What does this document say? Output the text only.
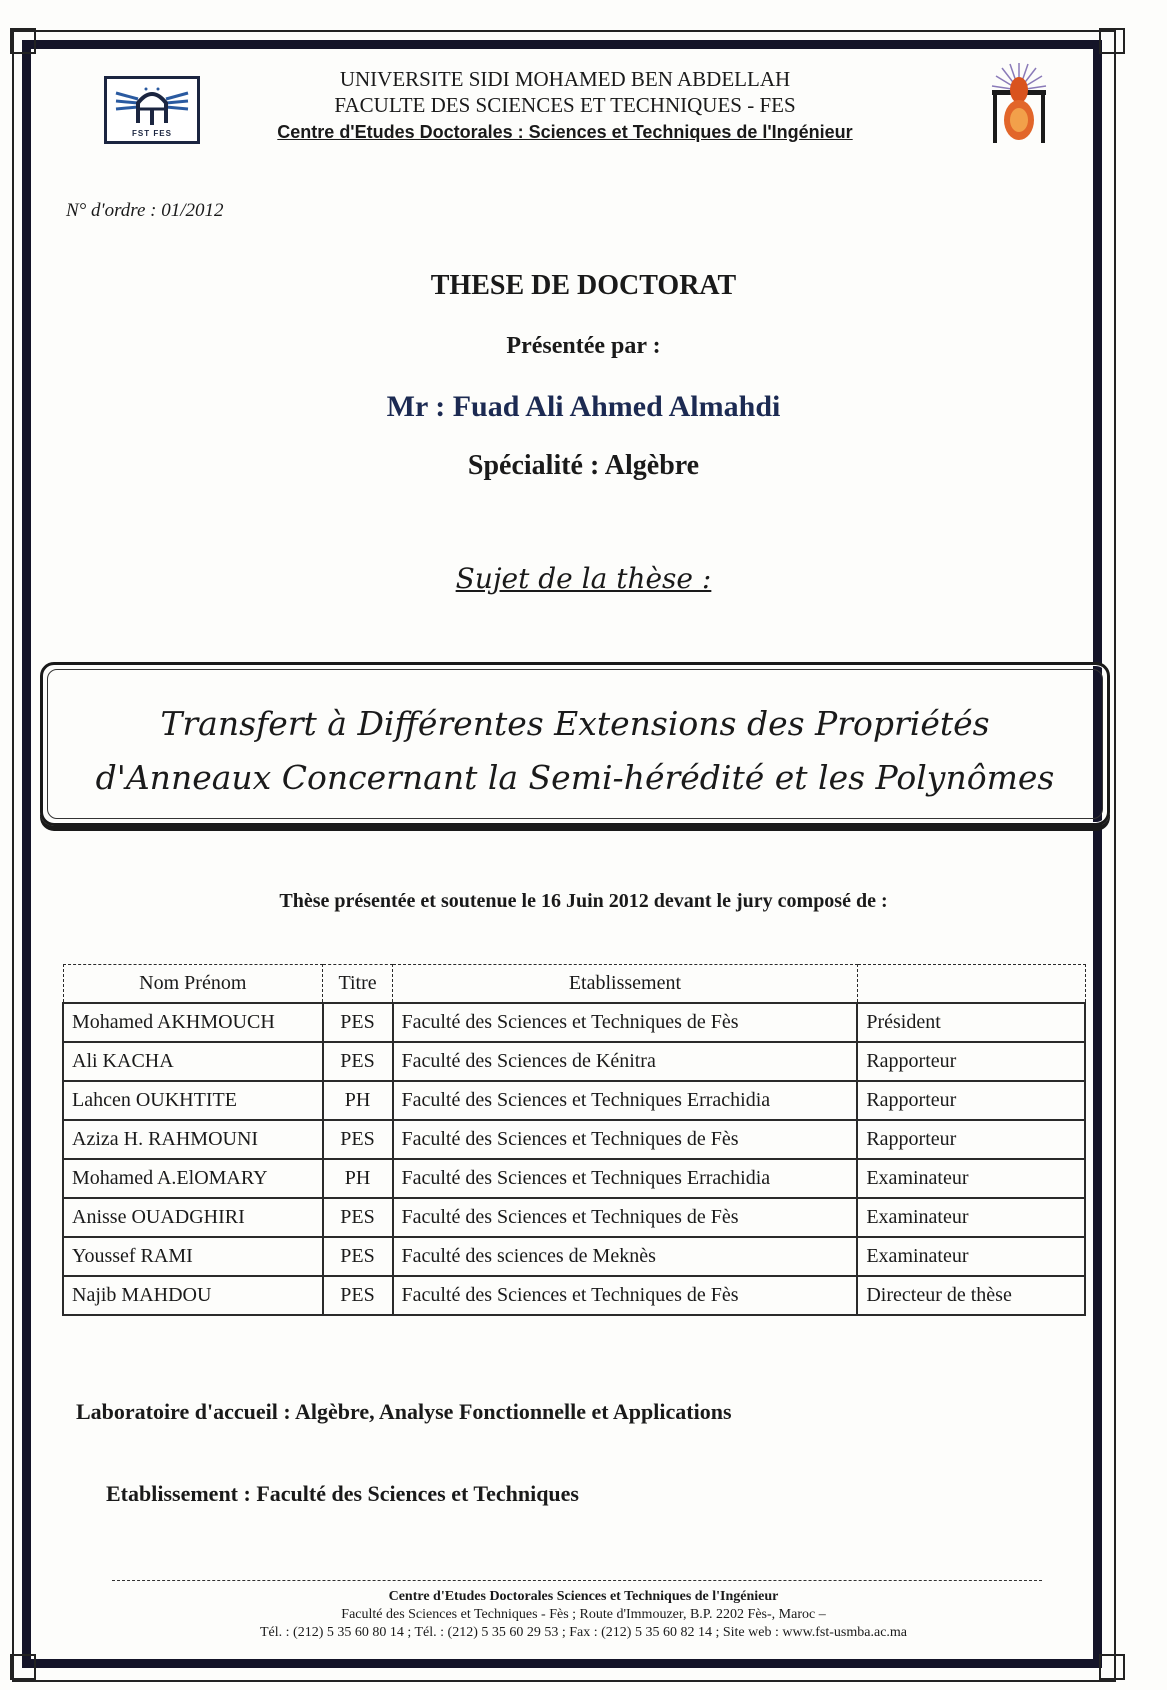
FST FES
UNIVERSITE SIDI MOHAMED BEN ABDELLAH
FACULTE DES SCIENCES ET TECHNIQUES - FES
Centre d'Etudes Doctorales : Sciences et Techniques de l'Ingénieur
N° d'ordre : 01/2012
THESE DE DOCTORAT
Présentée par :
Mr : Fuad Ali Ahmed Almahdi
Spécialité : Algèbre
Sujet de la thèse :
Transfert à Différentes Extensions des Propriétés
d'Anneaux Concernant la Semi-hérédité et les Polynômes
Thèse présentée et soutenue le 16 Juin 2012 devant le jury composé de :
Nom Prénom	Titre	Etablissement	
Mohamed AKHMOUCH	PES	Faculté des Sciences et Techniques de Fès	Président
Ali KACHA	PES	Faculté des Sciences de Kénitra	Rapporteur
Lahcen OUKHTITE	PH	Faculté des Sciences et Techniques Errachidia	Rapporteur
Aziza H. RAHMOUNI	PES	Faculté des Sciences et Techniques de Fès	Rapporteur
Mohamed A.ElOMARY	PH	Faculté des Sciences et Techniques Errachidia	Examinateur
Anisse OUADGHIRI	PES	Faculté des Sciences et Techniques de Fès	Examinateur
Youssef RAMI	PES	Faculté des sciences de Meknès	Examinateur
Najib MAHDOU	PES	Faculté des Sciences et Techniques de Fès	Directeur de thèse
Laboratoire d'accueil : Algèbre, Analyse Fonctionnelle et Applications
Etablissement : Faculté des Sciences et Techniques
Centre d'Etudes Doctorales Sciences et Techniques de l'Ingénieur
Faculté des Sciences et Techniques - Fès ; Route d'Immouzer, B.P. 2202 Fès-, Maroc –
Tél. : (212) 5 35 60 80 14 ; Tél. : (212) 5 35 60 29 53 ; Fax : (212) 5 35 60 82 14 ; Site web : www.fst-usmba.ac.ma
